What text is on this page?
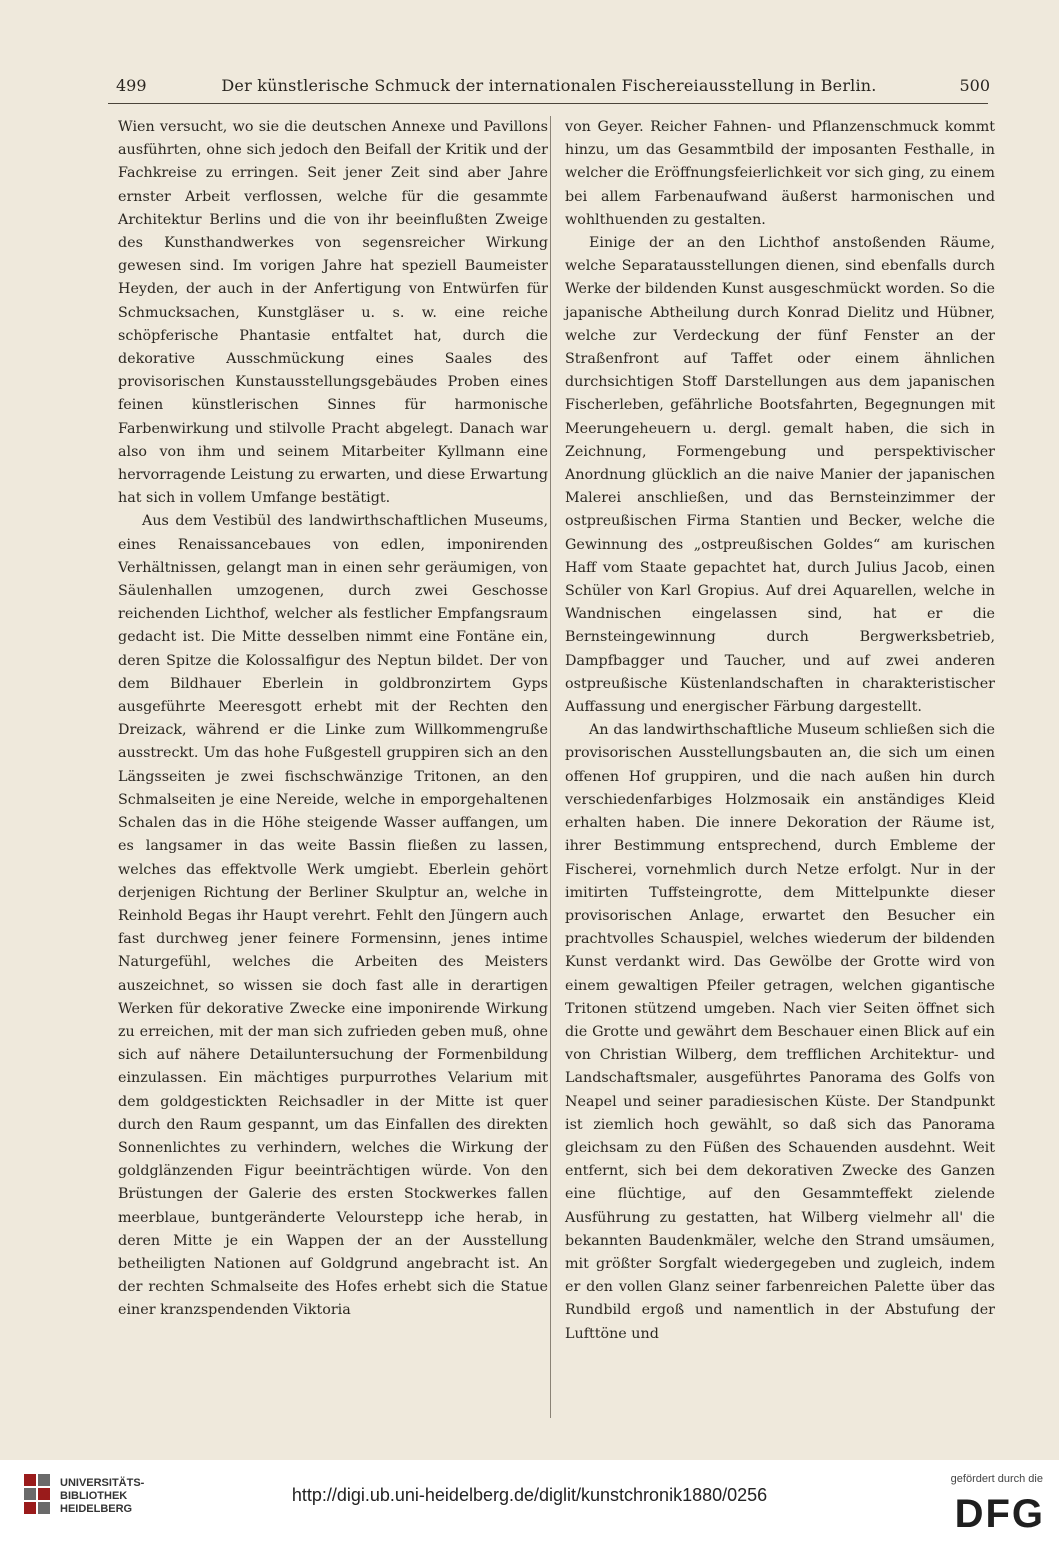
499	Der künstlerische Schmuck der internationalen Fischereiausstellung in Berlin.	500

Wien versucht, wo sie die deutschen Annexe und Pavillons ausführten, ohne sich jedoch den Beifall der Kritik und der Fachkreise zu erringen. Seit jener Zeit sind aber Jahre ernster Arbeit verflossen, welche für die gesammte Architektur Berlins und die von ihr beeinflußten Zweige des Kunsthandwerkes von segensreicher Wirkung gewesen sind. Im vorigen Jahre hat speziell Baumeister Heyden, der auch in der Anfertigung von Entwürfen für Schmucksachen, Kunstgläser u. s. w. eine reiche schöpferische Phantasie entfaltet hat, durch die dekorative Ausschmückung eines Saales des provisorischen Kunstausstellungsgebäudes Proben eines feinen künstlerischen Sinnes für harmonische Farbenwirkung und stilvolle Pracht abgelegt. Danach war also von ihm und seinem Mitarbeiter Kyllmann eine hervorragende Leistung zu erwarten, und diese Erwartung hat sich in vollem Umfange bestätigt.

Aus dem Vestibül des landwirthschaftlichen Museums, eines Renaissancebaues von edlen, imponirenden Verhältnissen, gelangt man in einen sehr geräumigen, von Säulenhallen umzogenen, durch zwei Geschosse reichenden Lichthof, welcher als festlicher Empfangsraum gedacht ist. Die Mitte desselben nimmt eine Fontäne ein, deren Spitze die Kolossalfigur des Neptun bildet. Der von dem Bildhauer Eberlein in goldbronzirtem Gyps ausgeführte Meeresgott erhebt mit der Rechten den Dreizack, während er die Linke zum Willkommengruße ausstreckt. Um das hohe Fußgestell gruppiren sich an den Längsseiten je zwei fischschwänzige Tritonen, an den Schmalseiten je eine Nereide, welche in emporgehaltenen Schalen das in die Höhe steigende Wasser auffangen, um es langsamer in das weite Bassin fließen zu lassen, welches das effektvolle Werk umgiebt. Eberlein gehört derjenigen Richtung der Berliner Skulptur an, welche in Reinhold Begas ihr Haupt verehrt. Fehlt den Jüngern auch fast durchweg jener feinere Formensinn, jenes intime Naturgefühl, welches die Arbeiten des Meisters auszeichnet, so wissen sie doch fast alle in derartigen Werken für dekorative Zwecke eine imponirende Wirkung zu erreichen, mit der man sich zufrieden geben muß, ohne sich auf nähere Detailuntersuchung der Formenbildung einzulassen. Ein mächtiges purpurrothes Velarium mit dem goldgestickten Reichsadler in der Mitte ist quer durch den Raum gespannt, um das Einfallen des direkten Sonnenlichtes zu verhindern, welches die Wirkung der goldglänzenden Figur beeinträchtigen würde. Von den Brüstungen der Galerie des ersten Stockwerkes fallen meerblaue, buntgeränderte Velourstepp iche herab, in deren Mitte je ein Wappen der an der Ausstellung betheiligten Nationen auf Goldgrund angebracht ist. An der rechten Schmalseite des Hofes erhebt sich die Statue einer kranzspendenden Viktoria

von Geyer. Reicher Fahnen- und Pflanzenschmuck kommt hinzu, um das Gesammtbild der imposanten Festhalle, in welcher die Eröffnungsfeierlichkeit vor sich ging, zu einem bei allem Farbenaufwand äußerst harmonischen und wohlthuenden zu gestalten.

Einige der an den Lichthof anstoßenden Räume, welche Separatausstellungen dienen, sind ebenfalls durch Werke der bildenden Kunst ausgeschmückt worden. So die japanische Abtheilung durch Konrad Dielitz und Hübner, welche zur Verdeckung der fünf Fenster an der Straßenfront auf Taffet oder einem ähnlichen durchsichtigen Stoff Darstellungen aus dem japanischen Fischerleben, gefährliche Bootsfahrten, Begegnungen mit Meerungeheuern u. dergl. gemalt haben, die sich in Zeichnung, Formengebung und perspektivischer Anordnung glücklich an die naive Manier der japanischen Malerei anschließen, und das Bernsteinzimmer der ostpreußischen Firma Stantien und Becker, welche die Gewinnung des „ostpreußischen Goldes“ am kurischen Haff vom Staate gepachtet hat, durch Julius Jacob, einen Schüler von Karl Gropius. Auf drei Aquarellen, welche in Wandnischen eingelassen sind, hat er die Bernsteingewinnung durch Bergwerksbetrieb, Dampfbagger und Taucher, und auf zwei anderen ostpreußische Küstenlandschaften in charakteristischer Auffassung und energischer Färbung dargestellt.

An das landwirthschaftliche Museum schließen sich die provisorischen Ausstellungsbauten an, die sich um einen offenen Hof gruppiren, und die nach außen hin durch verschiedenfarbiges Holzmosaik ein anständiges Kleid erhalten haben. Die innere Dekoration der Räume ist, ihrer Bestimmung entsprechend, durch Embleme der Fischerei, vornehmlich durch Netze erfolgt. Nur in der imitirten Tuffsteingrotte, dem Mittelpunkte dieser provisorischen Anlage, erwartet den Besucher ein prachtvolles Schauspiel, welches wiederum der bildenden Kunst verdankt wird. Das Gewölbe der Grotte wird von einem gewaltigen Pfeiler getragen, welchen gigantische Tritonen stützend umgeben. Nach vier Seiten öffnet sich die Grotte und gewährt dem Beschauer einen Blick auf ein von Christian Wilberg, dem trefflichen Architektur- und Landschaftsmaler, ausgeführtes Panorama des Golfs von Neapel und seiner paradiesischen Küste. Der Standpunkt ist ziemlich hoch gewählt, so daß sich das Panorama gleichsam zu den Füßen des Schauenden ausdehnt. Weit entfernt, sich bei dem dekorativen Zwecke des Ganzen eine flüchtige, auf den Gesammteffekt zielende Ausführung zu gestatten, hat Wilberg vielmehr all' die bekannten Baudenkmäler, welche den Strand umsäumen, mit größter Sorgfalt wiedergegeben und zugleich, indem er den vollen Glanz seiner farbenreichen Palette über das Rundbild ergoß und namentlich in der Abstufung der Lufttöne und

UNIVERSITÄTS-
BIBLIOTHEK
HEIDELBERG
http://digi.ub.uni-heidelberg.de/diglit/kunstchronik1880/0256
gefördert durch die
DFG
